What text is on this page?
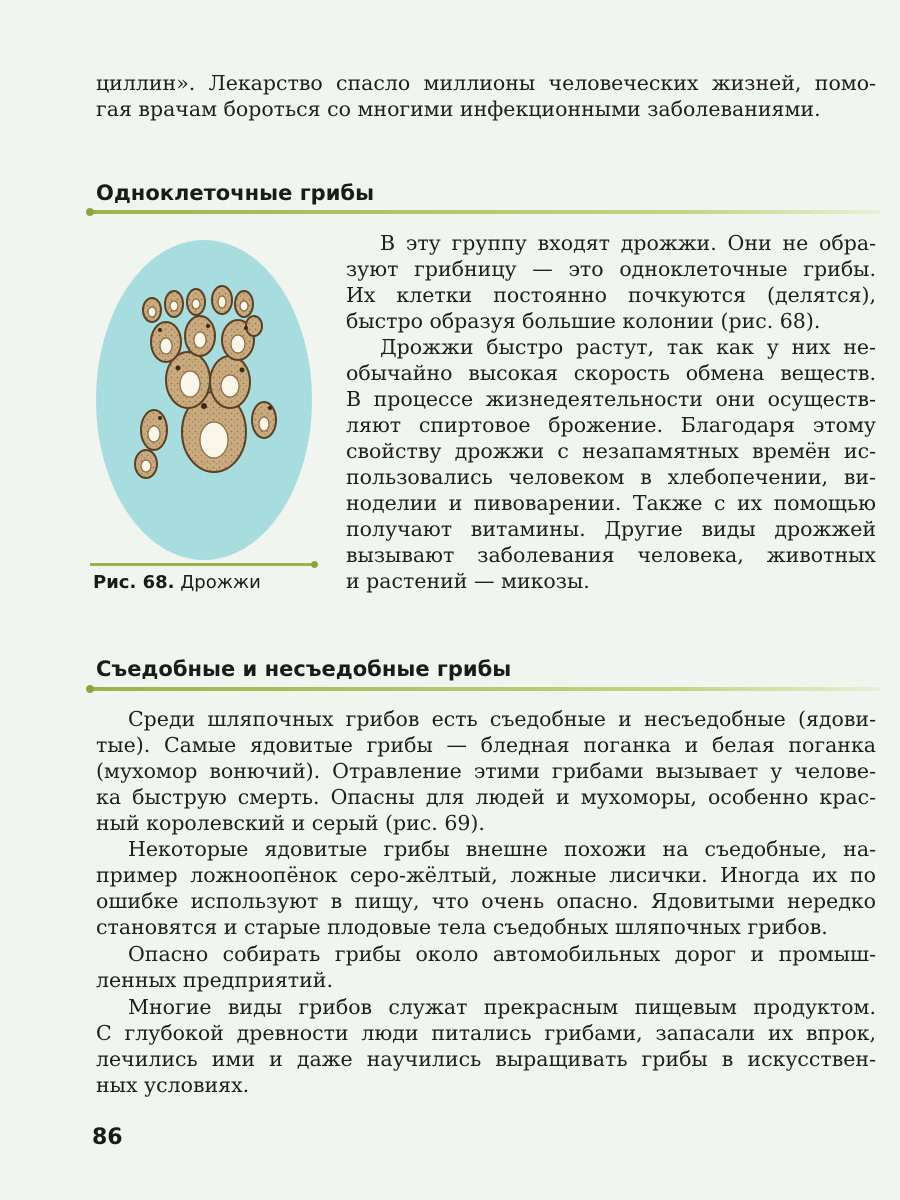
циллин». Лекарство спасло миллионы человеческих жизней, помо-
гая врачам бороться со многими инфекционными заболеваниями.

Одноклеточные грибы

Рис. 68. Дрожжи

В эту группу входят дрожжи. Они не обра-
зуют грибницу — это одноклеточные грибы.
Их клетки постоянно почкуются (делятся),
быстро образуя большие колонии (рис. 68).

Дрожжи быстро растут, так как у них не-
обычайно высокая скорость обмена веществ.
В процессе жизнедеятельности они осуществ-
ляют спиртовое брожение. Благодаря этому
свойству дрожжи с незапамятных времён ис-
пользовались человеком в хлебопечении, ви-
ноделии и пивоварении. Также с их помощью
получают витамины. Другие виды дрожжей
вызывают заболевания человека, животных
и растений — микозы.

Съедобные и несъедобные грибы

Среди шляпочных грибов есть съедобные и несъедобные (ядови-
тые). Самые ядовитые грибы — бледная поганка и белая поганка
(мухомор вонючий). Отравление этими грибами вызывает у челове-
ка быструю смерть. Опасны для людей и мухоморы, особенно крас-
ный королевский и серый (рис. 69).

Некоторые ядовитые грибы внешне похожи на съедобные, на-
пример ложноопёнок серо-жёлтый, ложные лисички. Иногда их по
ошибке используют в пищу, что очень опасно. Ядовитыми нередко
становятся и старые плодовые тела съедобных шляпочных грибов.

Опасно собирать грибы около автомобильных дорог и промыш-
ленных предприятий.

Многие виды грибов служат прекрасным пищевым продуктом.
С глубокой древности люди питались грибами, запасали их впрок,
лечились ими и даже научились выращивать грибы в искусствен-
ных условиях.

86
